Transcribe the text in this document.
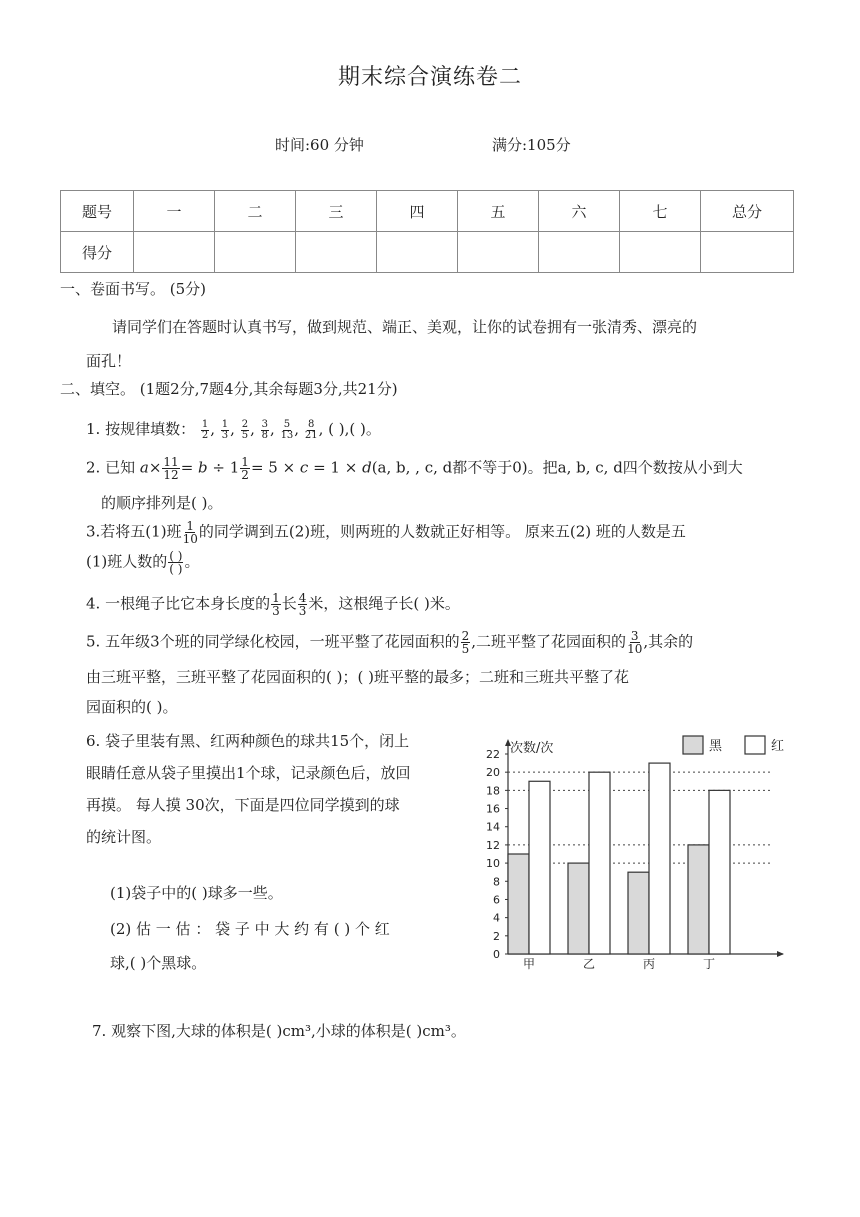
期末综合演练卷二
时间:60 分钟	满分:105分
题号	一	二	三	四	五	六	七	总分
得分								
一、卷面书写。 (5分)
请同学们在答题时认真书写，做到规范、端正、美观，让你的试卷拥有一张清秀、漂亮的
面孔！
二、填空。 (1题2分,7题4分,其余每题3分,共21分)
1. 按规律填数： $\frac{1}{2}$ , $\frac{1}{3}$ , $\frac{2}{5}$ , $\frac{3}{8}$ , $\frac{5}{13}$ , $\frac{8}{21}$ , ( ),( )。
2. 已知 $a\times \frac{11}{12} = b \div 1 \frac{1}{2} = 5 \times c = 1 \times d(a$, b, , c, d都不等于0)。把a, b, c, d四个数按从小到大
的顺序排列是( )。
3.若将五(1)班 $\frac{1}{10}$ 的同学调到五(2)班，则两班的人数就正好相等。 原来五(2) 班的人数是五
(1)班人数的 $\frac{( )}{( )}$ 。
4. 一根绳子比它本身长度的 $\frac{1}{3}$ 长 $\frac{4}{3}$ 米，这根绳子长( )米。
5. 五年级3个班的同学绿化校园，一班平整了花园面积的 $\frac{2}{5}$ ,二班平整了花园面积的 $\frac{3}{10}$ ,其余的
由三班平整，三班平整了花园面积的( )；( )班平整的最多；二班和三班共平整了花
园面积的( )。
6. 袋子里装有黑、红两种颜色的球共15个，闭上
眼睛任意从袋子里摸出1个球，记录颜色后，放回
再摸。 每人摸 30次，下面是四位同学摸到的球
的统计图。
(1)袋子中的( )球多一些。
(2) 估 一 估 ： 袋 子 中 大 约 有 ( ) 个 红
球,( )个黑球。	0
2
4
6
8
10
12
14
16
18
20
22 次数/次
甲	乙	丙	丁
黑	红
7. 观察下图,大球的体积是( )cm³,小球的体积是( )cm³。
